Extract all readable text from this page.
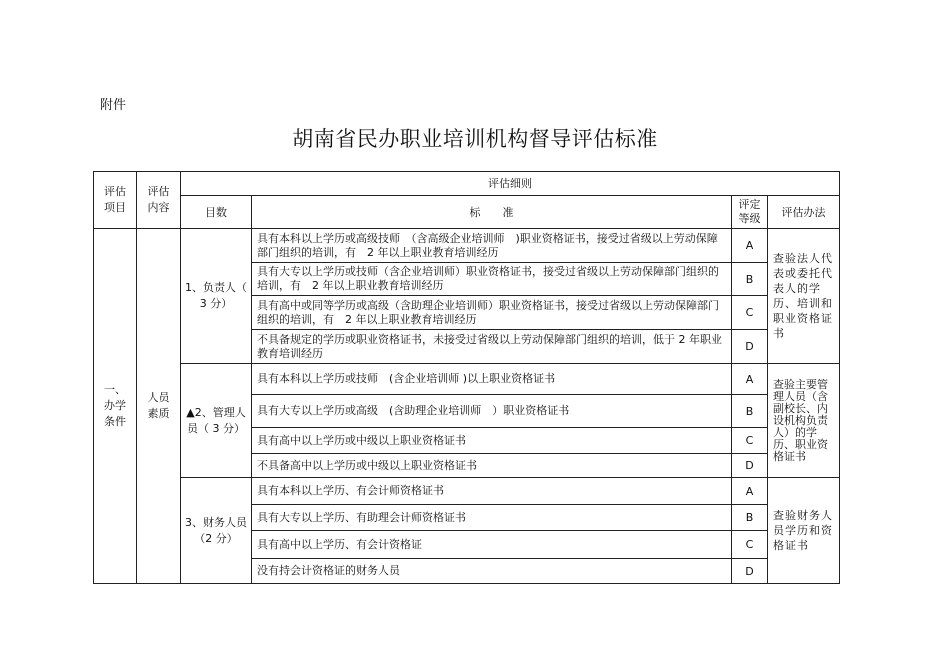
附件
胡南省民办职业培训机构督导评估标准
评估项目	评估内容	评估细则			
		目数	标　　准	评定等级	评估办法
一、办学条件	人员素质	1、负责人（ 3 分）	具有本科以上学历或高级技师　（含高级企业培训师　)职业资格证书，接受过省级以上劳动保障部门组织的培训，有　2 年以上职业教育培训经历	A	查验法人代表或委托代表人的学历、培训和职业资格证书
			具有大专以上学历或技师（含企业培训师）职业资格证书，接受过省级以上劳动保障部门组织的培训，有　2 年以上职业教育培训经历	B	
			具有高中或同等学历或高级（含助理企业培训师）职业资格证书，接受过省级以上劳动保障部门组织的培训，有　2 年以上职业教育培训经历	C	
			不具备规定的学历或职业资格证书，未接受过省级以上劳动保障部门组织的培训，低于 2 年职业教育培训经历	D	
		▲2、管理人员（ 3 分）	具有本科以上学历或技师　(含企业培训师 )以上职业资格证书	A	查验主要管理人员（含副校长、内设机构负责人）的学历、职业资格证书
			具有大专以上学历或高级　(含助理企业培训师　）职业资格证书	B	
			具有高中以上学历或中级以上职业资格证书	C	
			不具备高中以上学历或中级以上职业资格证书	D	
		3、财务人员（2 分）	具有本科以上学历、有会计师资格证书	A	查验财务人员学历和资格证书
			具有大专以上学历、有助理会计师资格证书	B	
			具有高中以上学历、有会计资格证	C	
			没有持会计资格证的财务人员	D	
